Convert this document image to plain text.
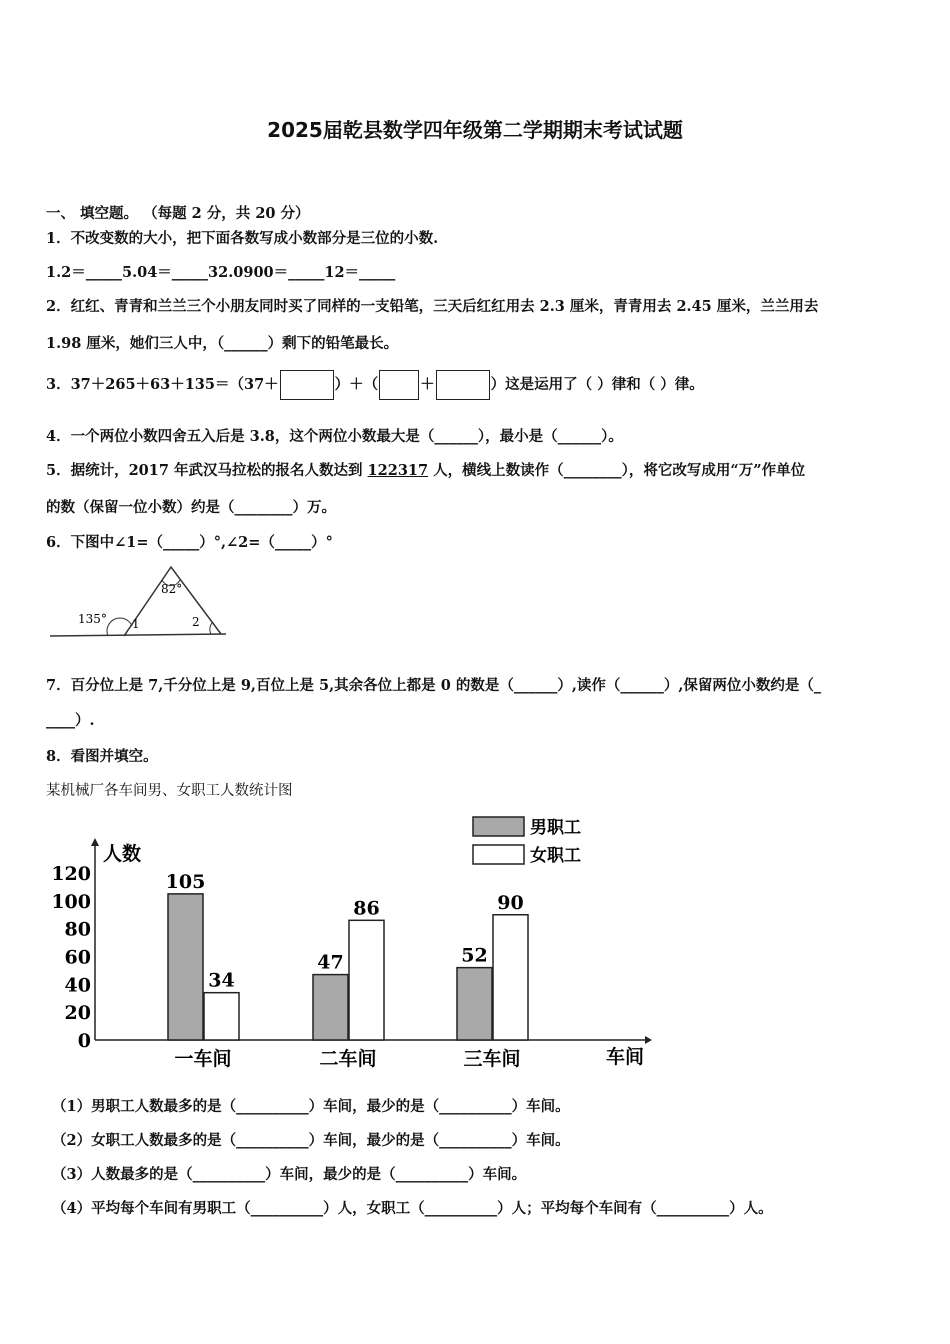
2025届乾县数学四年级第二学期期末考试试题
一、 填空题。 （每题 2 分，共 20 分）
1．不改变数的大小，把下面各数写成小数部分是三位的小数.
1.2＝_____5.04＝_____32.0900＝_____12＝_____
2．红红、青青和兰兰三个小朋友同时买了同样的一支铅笔，三天后红红用去 2.3 厘米，青青用去 2.45 厘米，兰兰用去
1.98 厘米，她们三人中，（______）剩下的铅笔最长。
3．37＋265＋63＋135＝（37＋	）＋（	＋	）这是运用了（ ）律和（ ）律。
4．一个两位小数四舍五入后是 3.8，这个两位小数最大是（______），最小是（______）。
5．据统计，2017 年武汉马拉松的报名人数达到 122317 人，横线上数读作（________），将它改写成用“万”作单位
的数（保留一位小数）约是（________）万。
6．下图中∠1=（_____）°,∠2=（_____）°
82°
135° 1	2
7．百分位上是 7,千分位上是 9,百位上是 5,其余各位上都是 0 的数是（______）,读作（______）,保留两位小数约是（_
____）.
8．看图并填空。
某机械厂各车间男、女职工人数统计图
人数
0
20
40
60
80
100
120
一车间
105
34
二车间
47
86
三车间
52
90
车间
男职工
女职工
（1）男职工人数最多的是（__________）车间，最少的是（__________）车间。
（2）女职工人数最多的是（__________）车间，最少的是（__________）车间。
（3）人数最多的是（__________）车间，最少的是（__________）车间。
（4）平均每个车间有男职工（__________）人，女职工（__________）人；平均每个车间有（__________）人。
